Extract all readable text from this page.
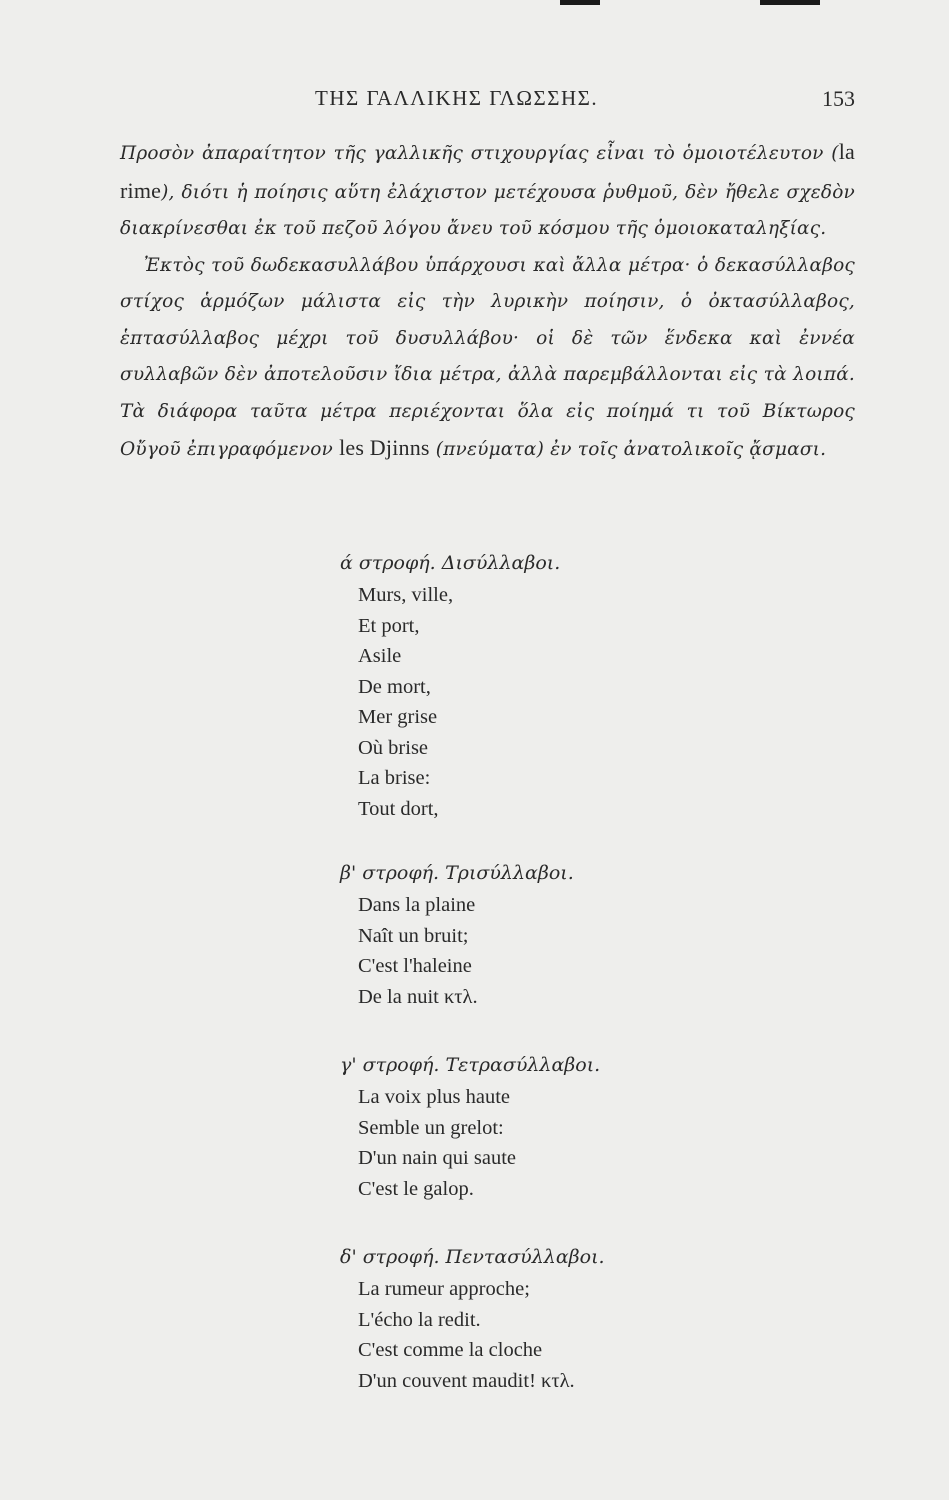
ΤΗΣ ΓΑΛΛΙΚΗΣ ΓΛΩΣΣΗΣ.	153

Προσὸν ἀπαραίτητον τῆς γαλλικῆς στιχουργίας εἶναι τὸ ὁμοιοτέλευτον (la rime), διότι ἡ ποίησις αὕτη ἐλάχιστον μετέχουσα ῥυθμοῦ, δὲν ἤθελε σχεδὸν διακρίνεσθαι ἐκ τοῦ πεζοῦ λόγου ἄνευ τοῦ κόσμου τῆς ὁμοιοκαταληξίας.

Ἐκτὸς τοῦ δωδεκασυλλάβου ὑπάρχουσι καὶ ἄλλα μέτρα· ὁ δεκασύλλαβος στίχος ἁρμόζων μάλιστα εἰς τὴν λυρικὴν ποίησιν, ὁ ὀκτασύλλαβος, ἑπτασύλλαβος μέχρι τοῦ δυσυλλάβου· οἱ δὲ τῶν ἕνδεκα καὶ ἐννέα συλλαβῶν δὲν ἀποτελοῦσιν ἴδια μέτρα, ἀλλὰ παρεμβάλλονται εἰς τὰ λοιπά. Τὰ διάφορα ταῦτα μέτρα περιέχονται ὅλα εἰς ποίημά τι τοῦ Βίκτωρος Οὔγοῦ ἐπιγραφόμενον les Djinns (πνεύματα) ἐν τοῖς ἀνατολικοῖς ᾄσμασι.

ά στροφή. Δισύλλαβοι.
Murs, ville,
Et port,
Asile
De mort,
Mer grise
Où brise
La brise:
Tout dort,
β' στροφή. Τρισύλλαβοι.
Dans la plaine
Naît un bruit;
C'est l'haleine
De la nuit κτλ.
γ' στροφή. Τετρασύλλαβοι.
La voix plus haute
Semble un grelot:
D'un nain qui saute
C'est le galop.
δ' στροφή. Πεντασύλλαβοι.
La rumeur approche;
L'écho la redit.
C'est comme la cloche
D'un couvent maudit! κτλ.
